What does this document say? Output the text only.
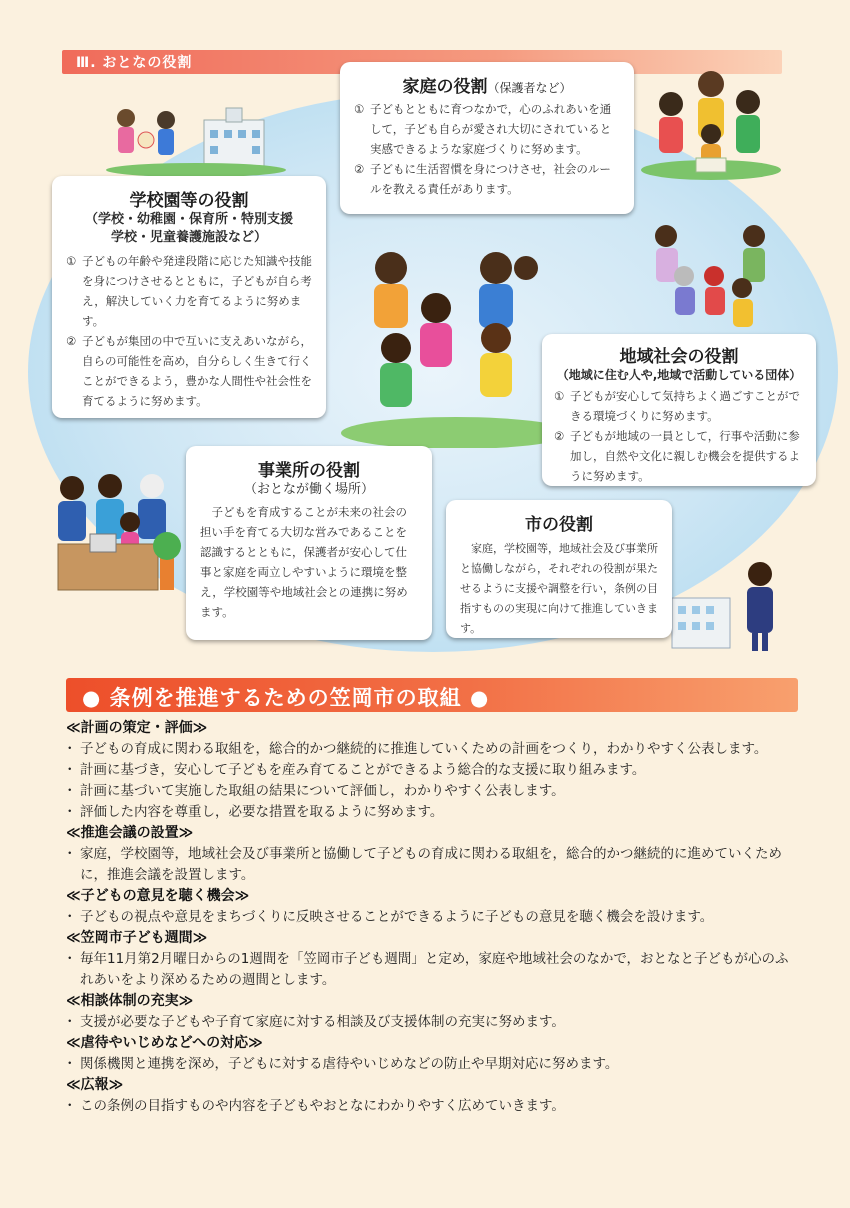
Ⅲ. おとなの役割
家庭の役割（保護者など）
① 子どもとともに育つなかで，心のふれあいを通して，子ども自らが愛され大切にされていると実感できるような家庭づくりに努めます。
② 子どもに生活習慣を身につけさせ，社会のルールを教える責任があります。
学校園等の役割
（学校・幼稚園・保育所・特別支援
学校・児童養護施設など）
① 子どもの年齢や発達段階に応じた知識や技能を身につけさせるとともに，子どもが自ら考え，解決していく力を育てるように努めます。
② 子どもが集団の中で互いに支えあいながら，自らの可能性を高め，自分らしく生きて行くことができるよう，豊かな人間性や社会性を育てるように努めます。
地域社会の役割
（地域に住む人や,地域で活動している団体）
① 子どもが安心して気持ちよく過ごすことができる環境づくりに努めます。
② 子どもが地域の一員として，行事や活動に参加し，自然や文化に親しむ機会を提供するように努めます。
事業所の役割
（おとなが働く場所）
子どもを育成することが未来の社会の担い手を育てる大切な営みであることを認識するとともに，保護者が安心して仕事と家庭を両立しやすいように環境を整え，学校園等や地域社会との連携に努めます。
市の役割
家庭，学校園等，地域社会及び事業所と協働しながら，それぞれの役割が果たせるように支援や調整を行い，条例の目指すものの実現に向けて推進していきます。
● 条例を推進するための笠岡市の取組 ●
≪計画の策定・評価≫
・ 子どもの育成に関わる取組を，総合的かつ継続的に推進していくための計画をつくり，わかりやすく公表します。
・ 計画に基づき，安心して子どもを産み育てることができるよう総合的な支援に取り組みます。
・ 計画に基づいて実施した取組の結果について評価し，わかりやすく公表します。
・ 評価した内容を尊重し，必要な措置を取るように努めます。
≪推進会議の設置≫
・ 家庭，学校園等，地域社会及び事業所と協働して子どもの育成に関わる取組を，総合的かつ継続的に進めていくために，推進会議を設置します。
≪子どもの意見を聴く機会≫
・ 子どもの視点や意見をまちづくりに反映させることができるように子どもの意見を聴く機会を設けます。
≪笠岡市子ども週間≫
・ 毎年11月第2月曜日からの1週間を「笠岡市子ども週間」と定め，家庭や地域社会のなかで，おとなと子どもが心のふれあいをより深めるための週間とします。
≪相談体制の充実≫
・ 支援が必要な子どもや子育て家庭に対する相談及び支援体制の充実に努めます。
≪虐待やいじめなどへの対応≫
・ 関係機関と連携を深め，子どもに対する虐待やいじめなどの防止や早期対応に努めます。
≪広報≫
・ この条例の目指すものや内容を子どもやおとなにわかりやすく広めていきます。
